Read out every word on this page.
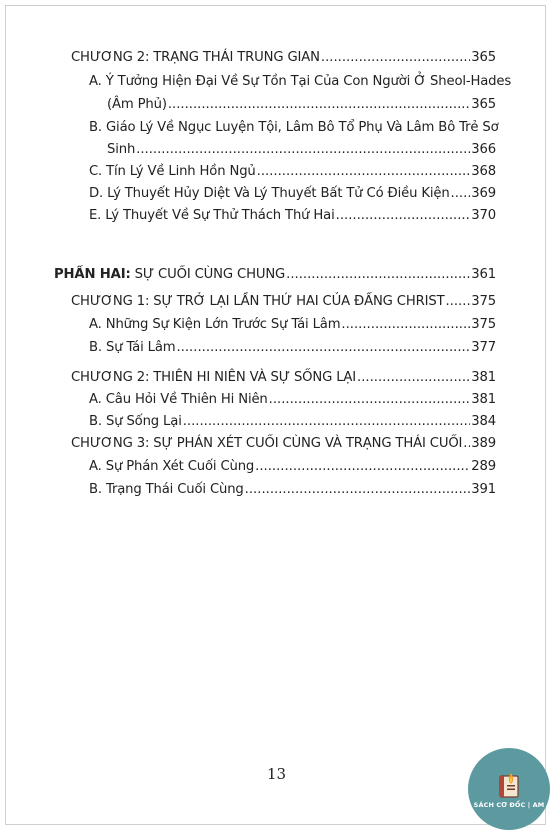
CHƯƠNG 2: TRẠNG THÁI TRUNG GIAN .....	365
A. Ý Tưởng Hiện Đại Về Sự Tồn Tại Của Con Người Ở Sheol-Hades
(Âm Phủ) .....	365
B. Giáo Lý Về Ngục Luyện Tội, Lâm Bô Tổ Phụ Và Lâm Bô Trẻ Sơ
Sinh .....	366
C. Tín Lý Về Linh Hồn Ngủ .....	368
D. Lý Thuyết Hủy Diệt Và Lý Thuyết Bất Tử Có Điều Kiện ..... 369
E. Lý Thuyết Về Sự Thử Thách Thứ Hai .....	370
PHẦN HAI: SỰ CUỐI CÙNG CHUNG .....	361
CHƯƠNG 1: SỰ TRỞ LẠI LẦN THỨ HAI CỦA ĐẤNG CHRIST ..... 375
A. Những Sự Kiện Lớn Trước Sự Tái Lâm .....	375
B. Sự Tái Lâm .....	377
CHƯƠNG 2: THIÊN HI NIÊN VÀ SỰ SỐNG LẠI .....	381
A. Câu Hỏi Về Thiên Hi Niên .....	381
B. Sự Sống Lại .....	384
CHƯƠNG 3: SỰ PHÁN XÉT CUỐI CÙNG VÀ TRẠNG THÁI CUỐI ..... 389
A. Sự Phán Xét Cuối Cùng .....	289
B. Trạng Thái Cuối Cùng .....	391
13
SÁCH CƠ ĐỐC | AM
